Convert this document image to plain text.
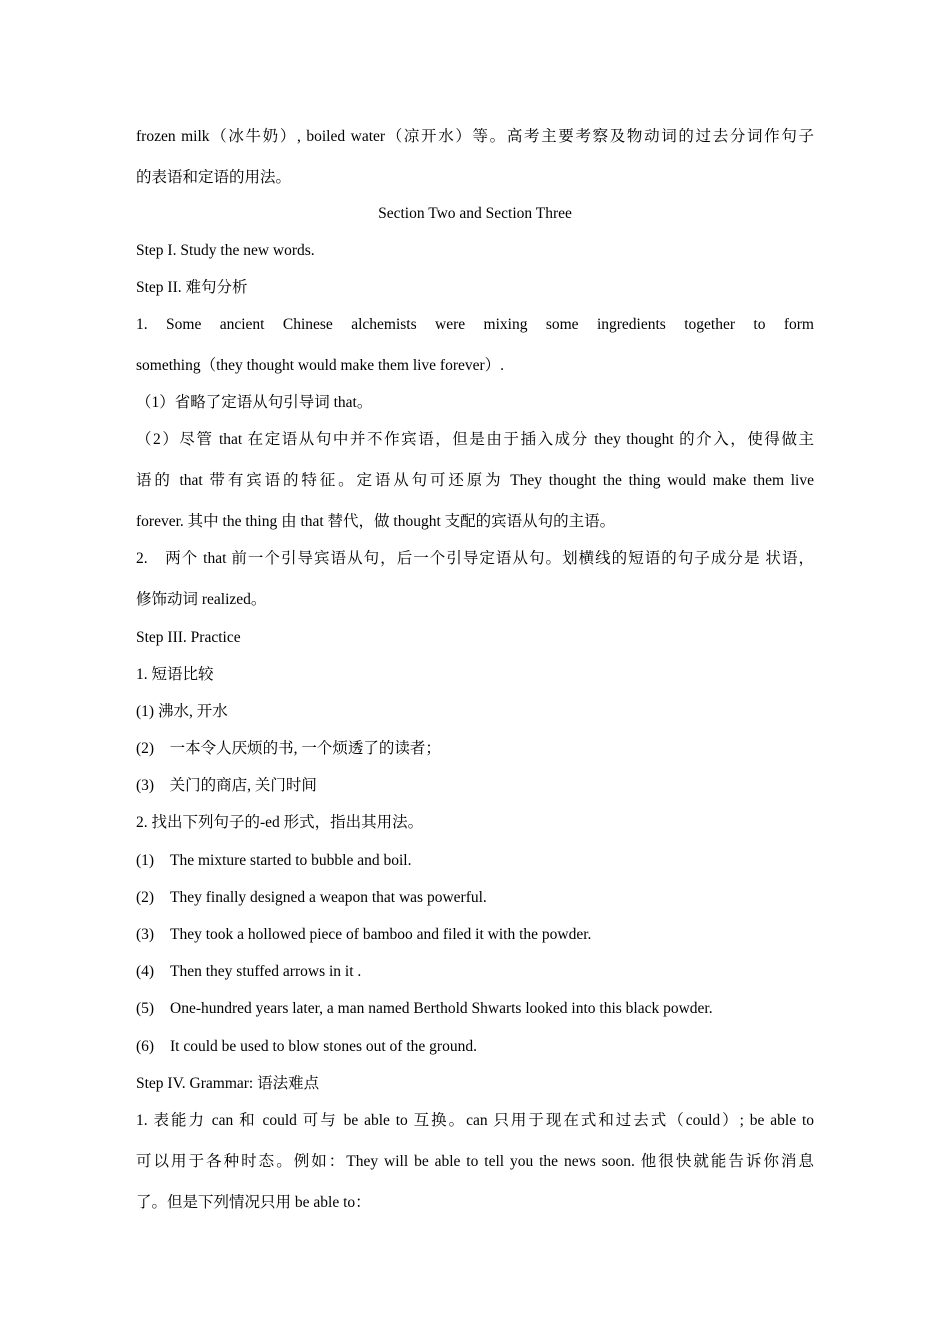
frozen milk（冰牛奶）, boiled water（凉开水）等。高考主要考察及物动词的过去分词作句子
的表语和定语的用法。
Section Two and Section Three
Step I. Study the new words.
Step II. 难句分析
1. Some ancient Chinese alchemists were mixing some ingredients together to form
something（they thought would make them live forever）.
（1）省略了定语从句引导词 that。
（2）尽管 that 在定语从句中并不作宾语，但是由于插入成分 they thought 的介入，使得做主
语的 that 带有宾语的特征。定语从句可还原为 They thought the thing would make them live
forever. 其中 the thing 由 that 替代，做 thought 支配的宾语从句的主语。
2.　两个 that 前一个引导宾语从句，后一个引导定语从句。划横线的短语的句子成分是 状语，
修饰动词 realized。
Step III. Practice
1. 短语比较
(1) 沸水, 开水
(2)　一本令人厌烦的书, 一个烦透了的读者；
(3)　关门的商店, 关门时间
2. 找出下列句子的-ed 形式，指出其用法。
(1) The mixture started to bubble and boil.
(2) They finally designed a weapon that was powerful.
(3) They took a hollowed piece of bamboo and filed it with the powder.
(4) Then they stuffed arrows in it .
(5) One-hundred years later, a man named Berthold Shwarts looked into this black powder.
(6) It could be used to blow stones out of the ground.
Step IV. Grammar: 语法难点
1. 表能力 can 和 could 可与 be able to 互换。can 只用于现在式和过去式（could）; be able to
可以用于各种时态。例如：They will be able to tell you the news soon. 他很快就能告诉你消息
了。但是下列情况只用 be able to：
